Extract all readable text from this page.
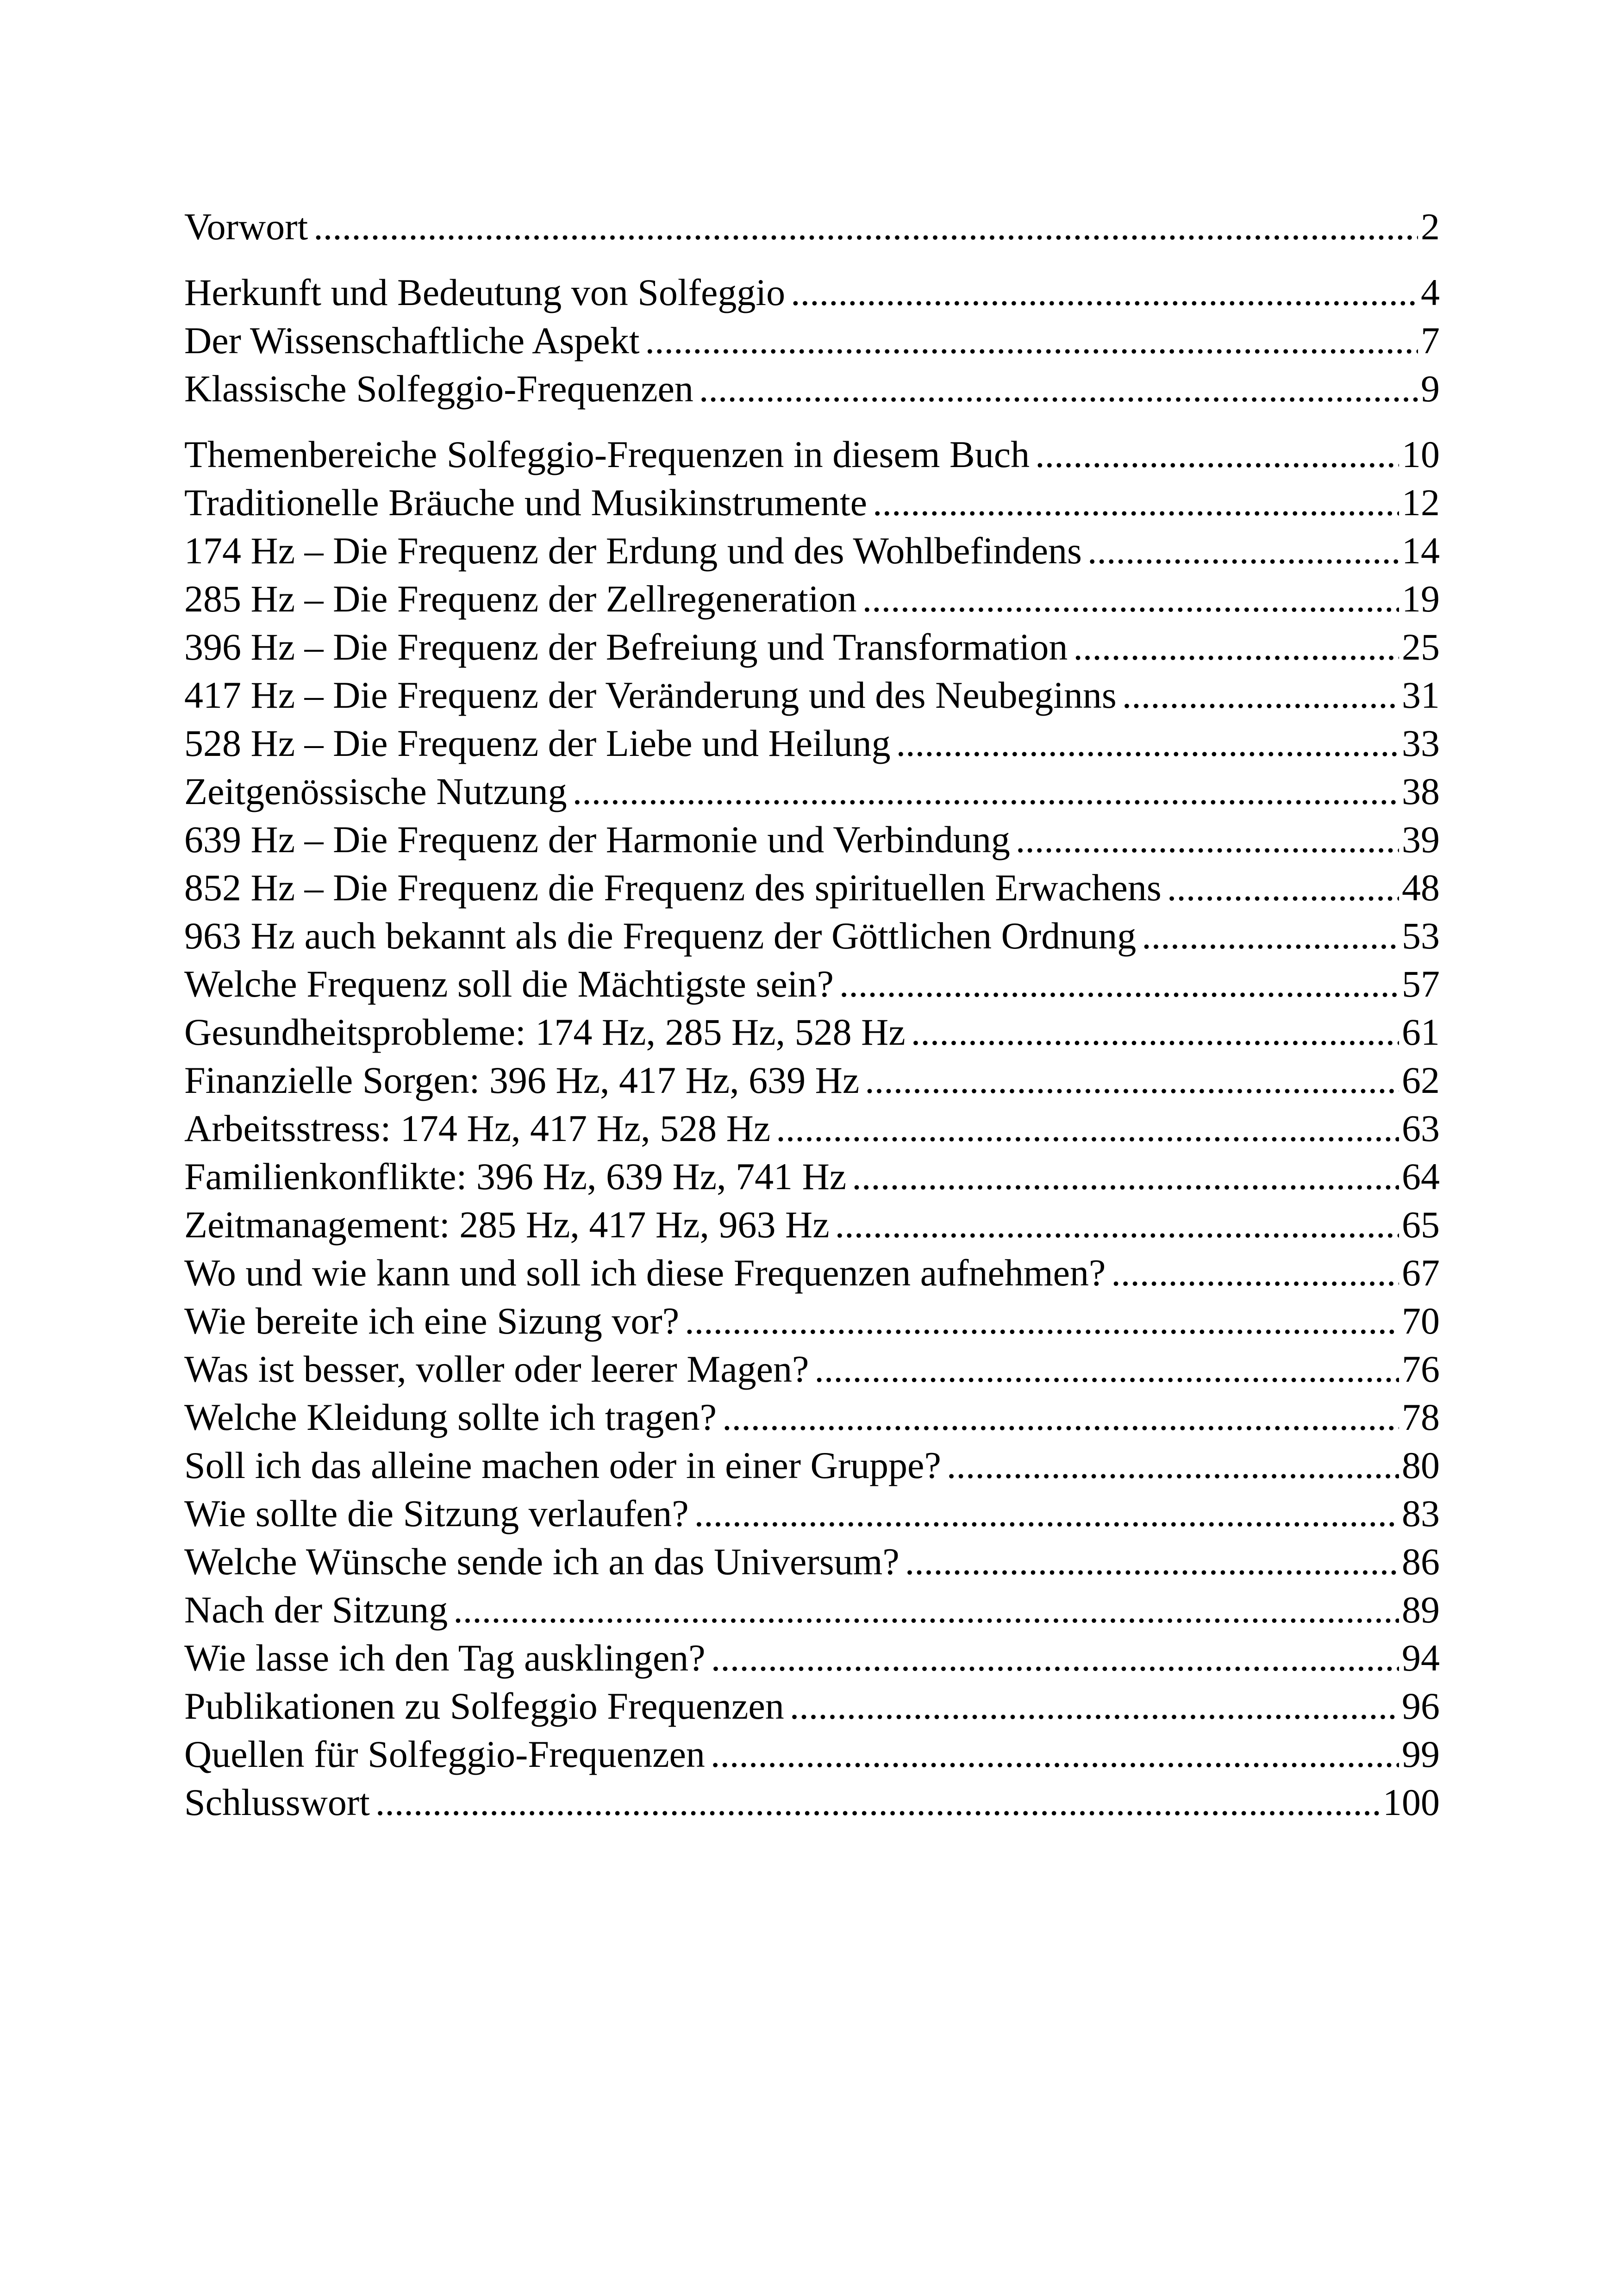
Vorwort .....	2
Herkunft und Bedeutung von Solfeggio .....	4
Der Wissenschaftliche Aspekt .....	7
Klassische Solfeggio-Frequenzen .....	9
Themenbereiche Solfeggio-Frequenzen in diesem Buch .....	10
Traditionelle Bräuche und Musikinstrumente .....	12
174 Hz – Die Frequenz der Erdung und des Wohlbefindens .....	14
285 Hz – Die Frequenz der Zellregeneration .....	19
396 Hz – Die Frequenz der Befreiung und Transformation .....	25
417 Hz – Die Frequenz der Veränderung und des Neubeginns .....	31
528 Hz – Die Frequenz der Liebe und Heilung .....	33
Zeitgenössische Nutzung .....	38
639 Hz – Die Frequenz der Harmonie und Verbindung .....	39
852 Hz – Die Frequenz die Frequenz des spirituellen Erwachens .....	48
963 Hz auch bekannt als die Frequenz der Göttlichen Ordnung .....	53
Welche Frequenz soll die Mächtigste sein? .....	57
Gesundheitsprobleme: 174 Hz, 285 Hz, 528 Hz .....	61
Finanzielle Sorgen: 396 Hz, 417 Hz, 639 Hz .....	62
Arbeitsstress: 174 Hz, 417 Hz, 528 Hz .....	63
Familienkonflikte: 396 Hz, 639 Hz, 741 Hz .....	64
Zeitmanagement: 285 Hz, 417 Hz, 963 Hz .....	65
Wo und wie kann und soll ich diese Frequenzen aufnehmen? .....	67
Wie bereite ich eine Sizung vor? .....	70
Was ist besser, voller oder leerer Magen? .....	76
Welche Kleidung sollte ich tragen? .....	78
Soll ich das alleine machen oder in einer Gruppe? .....	80
Wie sollte die Sitzung verlaufen? .....	83
Welche Wünsche sende ich an das Universum? .....	86
Nach der Sitzung .....	89
Wie lasse ich den Tag ausklingen? .....	94
Publikationen zu Solfeggio Frequenzen .....	96
Quellen für Solfeggio-Frequenzen .....	99
Schlusswort .....	100
